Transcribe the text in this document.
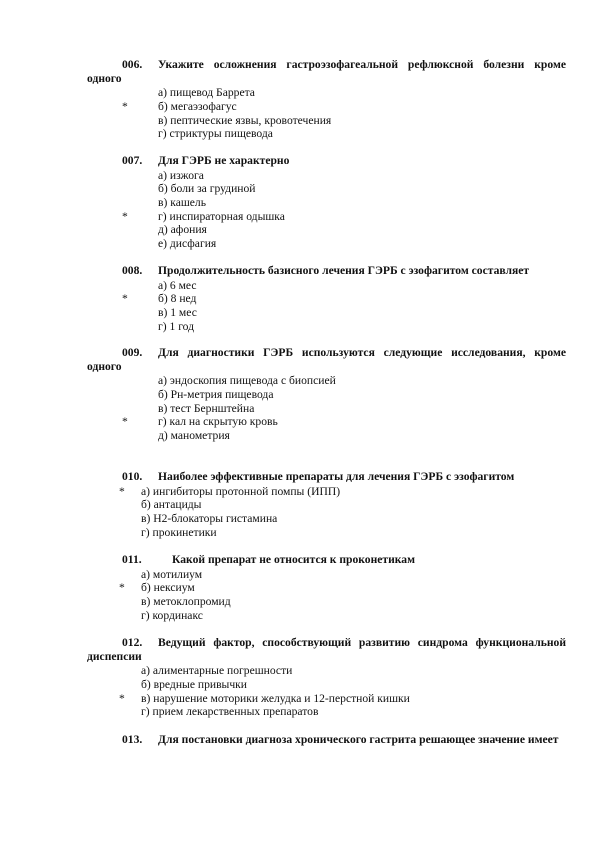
006.	Укажите осложнения гастроэзофагеальной рефлюксной болезни кроме одного
а) пищевод Баррета
*	б) мегаэзофагус
в) пептические язвы, кровотечения
г) стриктуры пищевода
007.	Для ГЭРБ не характерно
а) изжога
б) боли за грудиной
в) кашель
*	г) инспираторная одышка
д) афония
е) дисфагия
008.	Продолжительность базисного лечения ГЭРБ с эзофагитом составляет
а) 6 мес
*	б) 8 нед
в) 1 мес
г) 1 год
009.	Для диагностики ГЭРБ используются следующие исследования, кроме одного
а) эндоскопия пищевода с биопсией
б) Рн-метрия пищевода
в) тест Бернштейна
*	г) кал на скрытую кровь
д) манометрия
010.	Наиболее эффективные препараты для лечения ГЭРБ с эзофагитом
* а) ингибиторы протонной помпы (ИПП)
б) антациды
в) Н2-блокаторы гистамина
г) прокинетики
011.	Какой препарат не относится к проконетикам
а) мотилиум
* б) нексиум
в) метоклопромид
г) кординакс
012.	Ведущий фактор, способствующий развитию синдрома функциональной диспепсии
а) алиментарные погрешности
б) вредные привычки
* в) нарушение моторики желудка и 12-перстной кишки
г) прием лекарственных препаратов
013.	Для постановки диагноза хронического гастрита решающее значение имеет
